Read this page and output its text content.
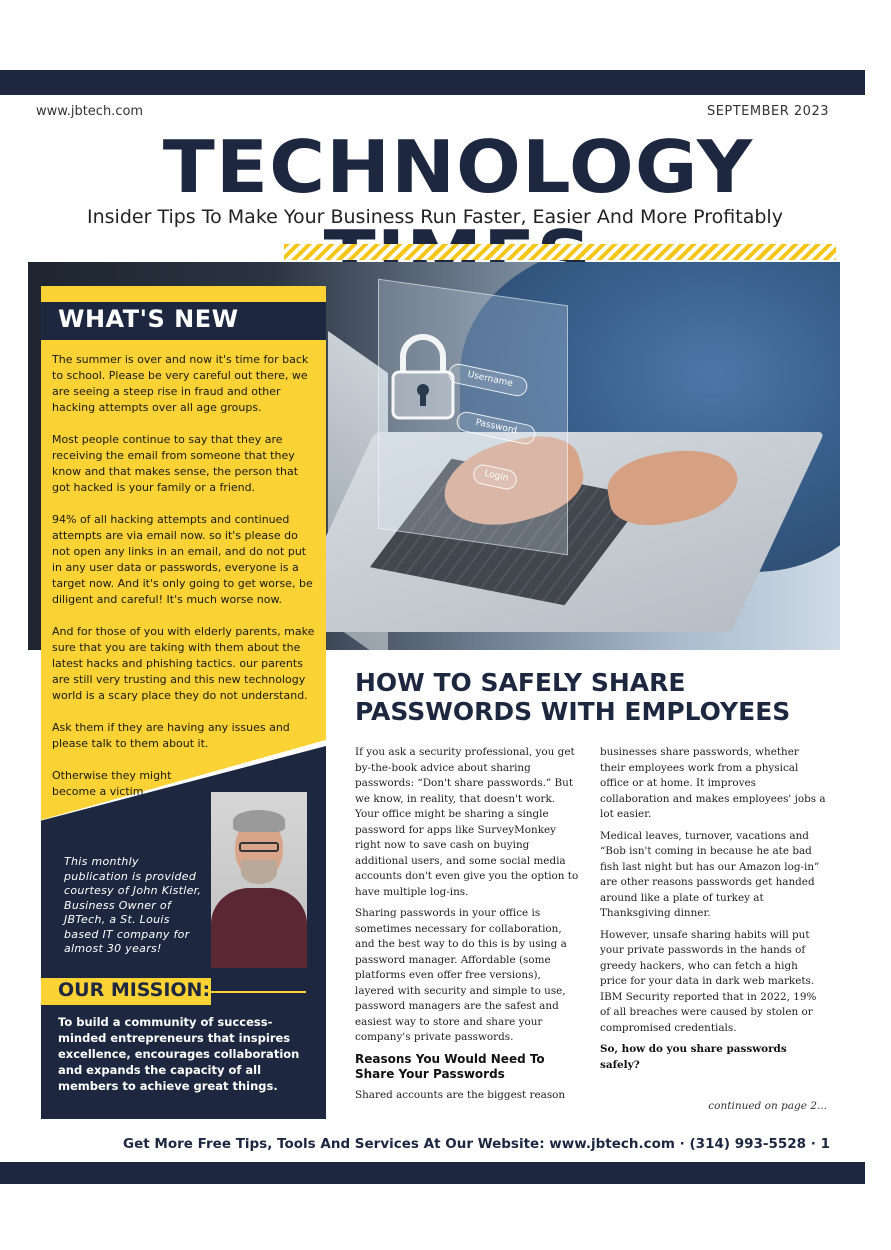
www.jbtech.com	SEPTEMBER 2023
TECHNOLOGY
Insider Tips To Make Your Business Run Faster, Easier And More Profitably
Username
Password
Login
WHAT'S NEW

The summer is over and now it's time for back to school. Please be very careful out there, we are seeing a steep rise in fraud and other hacking attempts over all age groups.

Most people continue to say that they are receiving the email from someone that they know and that makes sense, the person that got hacked is your family or a friend.

94% of all hacking attempts and continued attempts are via email now. so it's please do not open any links in an email, and do not put in any user data or passwords, everyone is a target now. And it's only going to get worse, be diligent and careful! It's much worse now.

And for those of you with elderly parents, make sure that you are taking with them about the latest hacks and phishing tactics. our parents are still very trusting and this new technology world is a scary place they do not understand.

Ask them if they are having any issues and please talk to them about it.

Otherwise they might become a victim.

This monthly publication is provided courtesy of John Kistler, Business Owner of JBTech, a St. Louis based IT company for almost 30 years!
OUR MISSION:
To build a community of success-minded entrepreneurs that inspires excellence, encourages collaboration and expands the capacity of all members to achieve great things.
HOW TO SAFELY SHARE PASSWORDS WITH EMPLOYEES

If you ask a security professional, you get by-the-book advice about sharing passwords: “Don't share passwords.” But we know, in reality, that doesn't work. Your office might be sharing a single password for apps like SurveyMonkey right now to save cash on buying additional users, and some social media accounts don't even give you the option to have multiple log-ins.

Sharing passwords in your office is sometimes necessary for collaboration, and the best way to do this is by using a password manager. Affordable (some platforms even offer free versions), layered with security and simple to use, password managers are the safest and easiest way to store and share your company's private passwords.

Reasons You Would Need To Share Your Passwords

Shared accounts are the biggest reason

businesses share passwords, whether their employees work from a physical office or at home. It improves collaboration and makes employees' jobs a lot easier.

Medical leaves, turnover, vacations and “Bob isn't coming in because he ate bad fish last night but has our Amazon log-in” are other reasons passwords get handed around like a plate of turkey at Thanksgiving dinner.

However, unsafe sharing habits will put your private passwords in the hands of greedy hackers, who can fetch a high price for your data in dark web markets. IBM Security reported that in 2022, 19% of all breaches were caused by stolen or compromised credentials.

So, how do you share passwords safely?

continued on page 2...
Get More Free Tips, Tools And Services At Our Website: www.jbtech.com · (314) 993-5528 · 1
